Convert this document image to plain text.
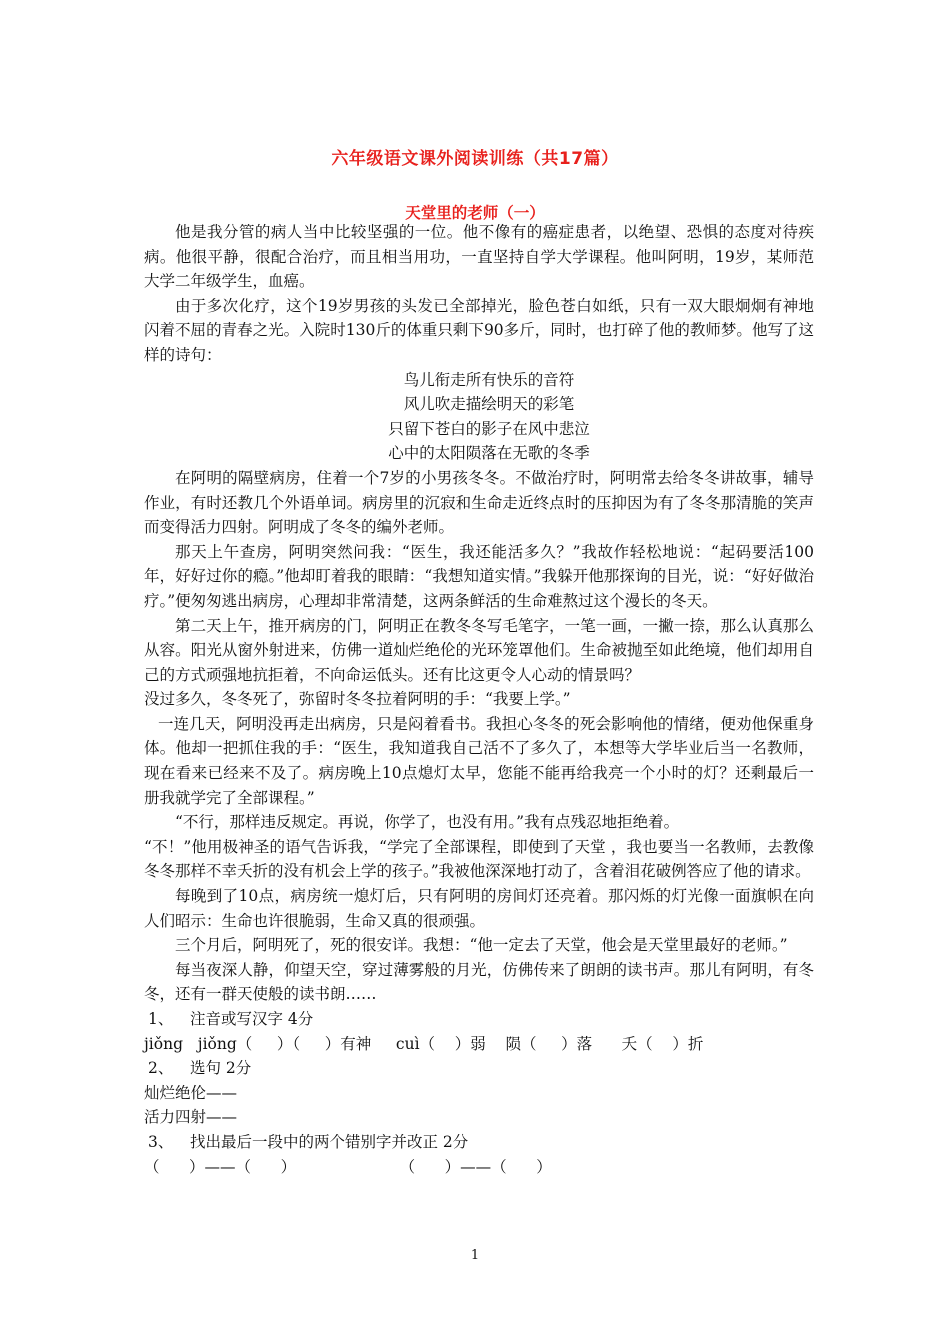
六年级语文课外阅读训练（共17篇）
天堂里的老师（一）

他是我分管的病人当中比较坚强的一位。他不像有的癌症患者，以绝望、恐惧的态度对待疾病。他很平静，很配合治疗，而且相当用功，一直坚持自学大学课程。他叫阿明，19岁，某师范大学二年级学生，血癌。

由于多次化疗，这个19岁男孩的头发已全部掉光，脸色苍白如纸，只有一双大眼炯炯有神地闪着不屈的青春之光。入院时130斤的体重只剩下90多斤，同时，也打碎了他的教师梦。他写了这样的诗句：

鸟儿衔走所有快乐的音符

风儿吹走描绘明天的彩笔

只留下苍白的影子在风中悲泣

心中的太阳陨落在无歌的冬季

在阿明的隔壁病房，住着一个7岁的小男孩冬冬。不做治疗时，阿明常去给冬冬讲故事，辅导作业，有时还教几个外语单词。病房里的沉寂和生命走近终点时的压抑因为有了冬冬那清脆的笑声而变得活力四射。阿明成了冬冬的编外老师。

那天上午查房，阿明突然问我：“医生，我还能活多久？”我故作轻松地说：“起码要活100年，好好过你的瘾。”他却盯着我的眼睛：“我想知道实情。”我躲开他那探询的目光，说：“好好做治疗。”便匆匆逃出病房，心理却非常清楚，这两条鲜活的生命难熬过这个漫长的冬天。

第二天上午，推开病房的门，阿明正在教冬冬写毛笔字，一笔一画，一撇一捺，那么认真那么从容。阳光从窗外射进来，仿佛一道灿烂绝伦的光环笼罩他们。生命被抛至如此绝境，他们却用自己的方式顽强地抗拒着，不向命运低头。还有比这更令人心动的情景吗？

没过多久，冬冬死了，弥留时冬冬拉着阿明的手：“我要上学。”

一连几天，阿明没再走出病房，只是闷着看书。我担心冬冬的死会影响他的情绪，便劝他保重身体。他却一把抓住我的手：“医生，我知道我自己活不了多久了，本想等大学毕业后当一名教师，现在看来已经来不及了。病房晚上10点熄灯太早，您能不能再给我亮一个小时的灯？还剩最后一册我就学完了全部课程。”

“不行，那样违反规定。再说，你学了，也没有用。”我有点残忍地拒绝着。

“不！”他用极神圣的语气告诉我，“学完了全部课程，即使到了天堂 ，我也要当一名教师，去教像冬冬那样不幸夭折的没有机会上学的孩子。”我被他深深地打动了，含着泪花破例答应了他的请求。

每晚到了10点，病房统一熄灯后，只有阿明的房间灯还亮着。那闪烁的灯光像一面旗帜在向人们昭示：生命也许很脆弱，生命又真的很顽强。

三个月后，阿明死了，死的很安详。我想：“他一定去了天堂，他会是天堂里最好的老师。”

每当夜深人静，仰望天空，穿过薄雾般的月光，仿佛传来了朗朗的读书声。那儿有阿明，有冬冬，还有一群天使般的读书朗……

1、 注音或写汉字 4分

jiǒng   jiǒng（     ）（     ）有神     cuì（    ）弱    陨（     ）落      夭（    ）折

2、 选句 2分

灿烂绝伦——

活力四射——

3、 找出最后一段中的两个错别字并改正 2分

（      ）——（      ）                     （      ）——（      ）

1
